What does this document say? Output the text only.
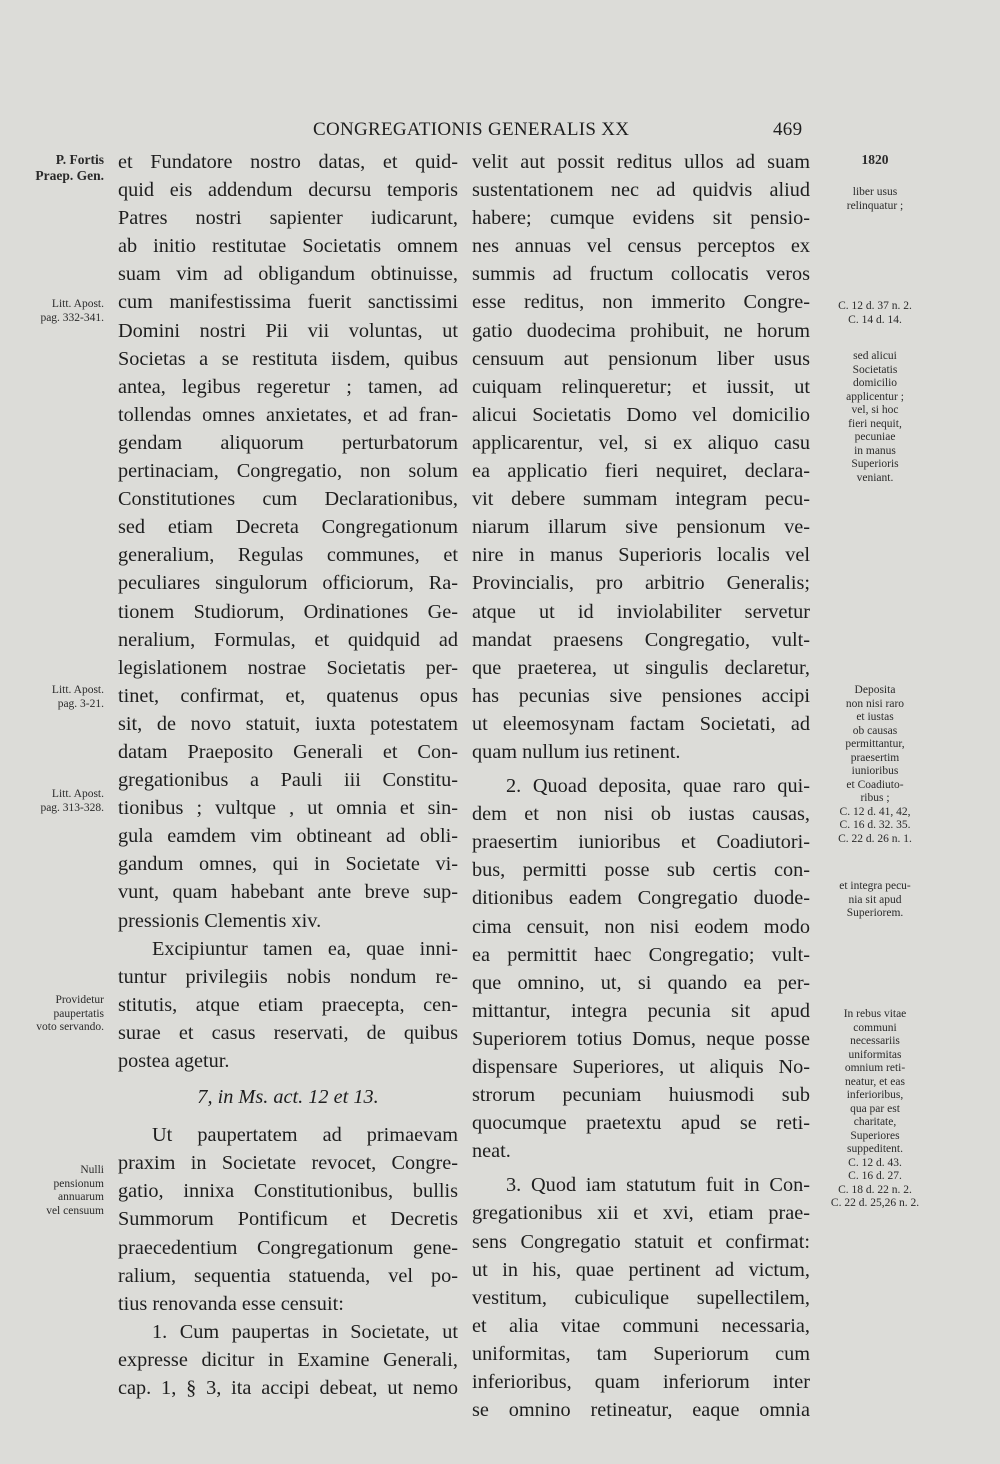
CONGREGATIONIS GENERALIS XX	469
P. Fortis
Praep. Gen.
Litt. Apost.
pag. 332-341.
Litt. Apost.
pag. 3-21.
Litt. Apost.
pag. 313-328.
Providetur
paupertatis
voto servando.
Nulli
pensionum
annuarum
vel censuum
1820
liber usus
relinquatur ;
C. 12 d. 37 n. 2.
C. 14 d. 14.
sed alicui
Societatis
domicilio
applicentur ;
vel, si hoc
fieri nequit,
pecuniae
in manus
Superioris
veniant.
Deposita
non nisi raro
et iustas
ob causas
permittantur,
praesertim
iunioribus
et Coadiuto-
ribus ;
C. 12 d. 41, 42,
C. 16 d. 32. 35.
C. 22 d. 26 n. 1.
et integra pecu-
nia sit apud
Superiorem.
In rebus vitae
communi
necessariis
uniformitas
omnium reti-
neatur, et eas
inferioribus,
qua par est
charitate,
Superiores
suppeditent.
C. 12 d. 43.
C. 16 d. 27.
C. 18 d. 22 n. 2.
C. 22 d. 25,26 n. 2.
et Fundatore nostro datas, et quid-
quid eis addendum decursu temporis
Patres nostri sapienter iudicarunt,
ab initio restitutae Societatis omnem
suam vim ad obligandum obtinuisse,
cum manifestissima fuerit sanctissimi
Domini nostri Pii vii voluntas, ut
Societas a se restituta iisdem, quibus
antea, legibus regeretur ; tamen, ad
tollendas omnes anxietates, et ad fran-
gendam aliquorum perturbatorum
pertinaciam, Congregatio, non solum
Constitutiones cum Declarationibus,
sed etiam Decreta Congregationum
generalium, Regulas communes, et
peculiares singulorum officiorum, Ra-
tionem Studiorum, Ordinationes Ge-
neralium, Formulas, et quidquid ad
legislationem nostrae Societatis per-
tinet, confirmat, et, quatenus opus
sit, de novo statuit, iuxta potestatem
datam Praeposito Generali et Con-
gregationibus a Pauli iii Constitu-
tionibus ; vultque , ut omnia et sin-
gula eamdem vim obtineant ad obli-
gandum omnes, qui in Societate vi-
vunt, quam habebant ante breve sup-
pressionis Clementis xiv.
Excipiuntur tamen ea, quae inni-
tuntur privilegiis nobis nondum re-
stitutis, atque etiam praecepta, cen-
surae et casus reservati, de quibus
postea agetur.
7, in Ms. act. 12 et 13.
Ut paupertatem ad primaevam
praxim in Societate revocet, Congre-
gatio, innixa Constitutionibus, bullis
Summorum Pontificum et Decretis
praecedentium Congregationum gene-
ralium, sequentia statuenda, vel po-
tius renovanda esse censuit:
1. Cum paupertas in Societate, ut
expresse dicitur in Examine Generali,
cap. 1, § 3, ita accipi debeat, ut nemo
velit aut possit reditus ullos ad suam
sustentationem nec ad quidvis aliud
habere; cumque evidens sit pensio-
nes annuas vel census perceptos ex
summis ad fructum collocatis veros
esse reditus, non immerito Congre-
gatio duodecima prohibuit, ne horum
censuum aut pensionum liber usus
cuiquam relinqueretur; et iussit, ut
alicui Societatis Domo vel domicilio
applicarentur, vel, si ex aliquo casu
ea applicatio fieri nequiret, declara-
vit debere summam integram pecu-
niarum illarum sive pensionum ve-
nire in manus Superioris localis vel
Provincialis, pro arbitrio Generalis;
atque ut id inviolabiliter servetur
mandat praesens Congregatio, vult-
que praeterea, ut singulis declaretur,
has pecunias sive pensiones accipi
ut eleemosynam factam Societati, ad
quam nullum ius retinent.
2. Quoad deposita, quae raro qui-
dem et non nisi ob iustas causas,
praesertim iunioribus et Coadiutori-
bus, permitti posse sub certis con-
ditionibus eadem Congregatio duode-
cima censuit, non nisi eodem modo
ea permittit haec Congregatio; vult-
que omnino, ut, si quando ea per-
mittantur, integra pecunia sit apud
Superiorem totius Domus, neque posse
dispensare Superiores, ut aliquis No-
strorum pecuniam huiusmodi sub
quocumque praetextu apud se reti-
neat.
3. Quod iam statutum fuit in Con-
gregationibus xii et xvi, etiam prae-
sens Congregatio statuit et confirmat:
ut in his, quae pertinent ad victum,
vestitum, cubiculique supellectilem,
et alia vitae communi necessaria,
uniformitas, tam Superiorum cum
inferioribus, quam inferiorum inter
se omnino retineatur, eaque omnia
